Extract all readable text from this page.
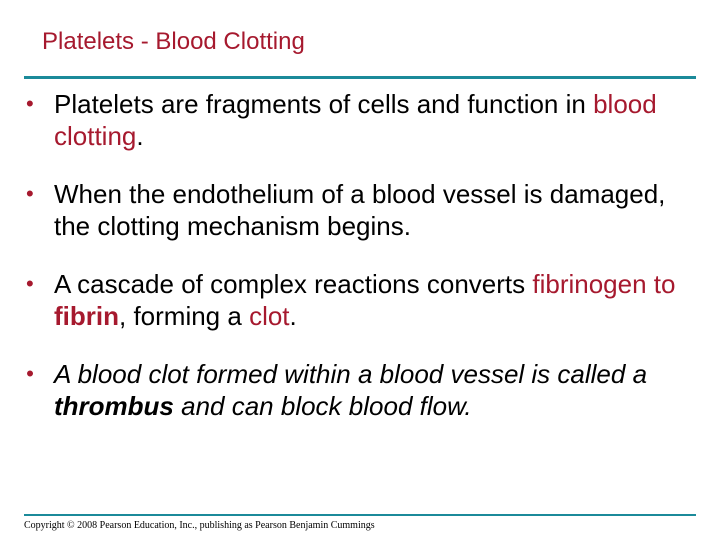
Platelets - Blood Clotting
• Platelets are fragments of cells and function in blood clotting.
• When the endothelium of a blood vessel is damaged, the clotting mechanism begins.
• A cascade of complex reactions converts fibrinogen to fibrin, forming a clot.
• A blood clot formed within a blood vessel is called a thrombus and can block blood flow.
Copyright © 2008 Pearson Education, Inc., publishing as Pearson Benjamin Cummings
